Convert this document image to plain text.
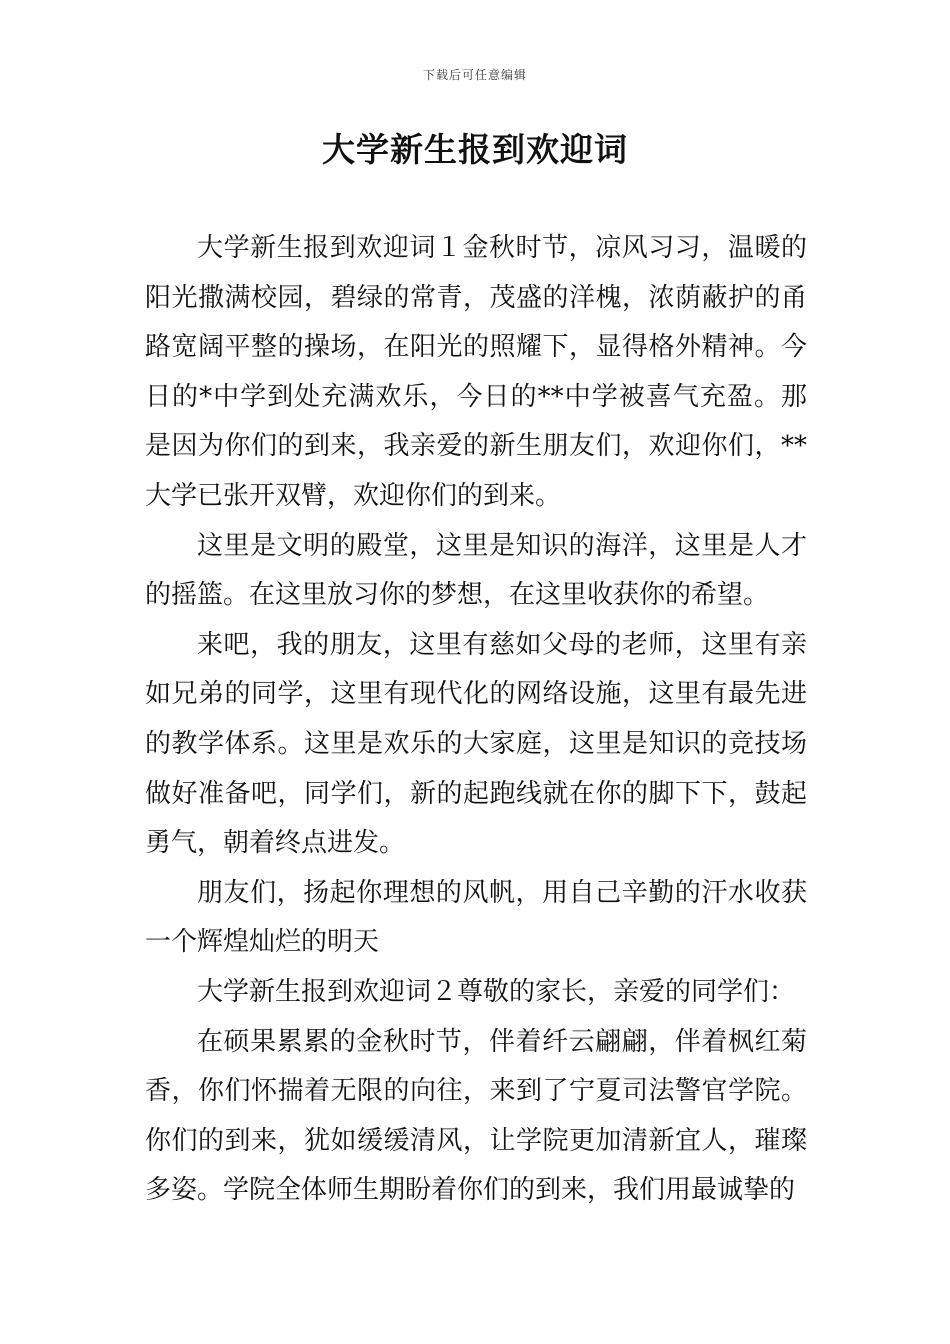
下载后可任意编辑
大学新生报到欢迎词

大学新生报到欢迎词１金秋时节，凉风习习，温暖的阳光撒满校园，碧绿的常青，茂盛的洋槐，浓荫蔽护的甬路宽阔平整的操场，在阳光的照耀下，显得格外精神。今日的*中学到处充满欢乐，今日的**中学被喜气充盈。那是因为你们的到来，我亲爱的新生朋友们，欢迎你们，**大学已张开双臂，欢迎你们的到来。

这里是文明的殿堂，这里是知识的海洋，这里是人才的摇篮。在这里放习你的梦想，在这里收获你的希望。

来吧，我的朋友，这里有慈如父母的老师，这里有亲如兄弟的同学，这里有现代化的网络设施，这里有最先进的教学体系。这里是欢乐的大家庭，这里是知识的竞技场做好准备吧，同学们，新的起跑线就在你的脚下下，鼓起勇气，朝着终点进发。

朋友们，扬起你理想的风帆，用自己辛勤的汗水收获一个辉煌灿烂的明天

大学新生报到欢迎词２尊敬的家长，亲爱的同学们：

在硕果累累的金秋时节，伴着纤云翩翩，伴着枫红菊香，你们怀揣着无限的向往，来到了宁夏司法警官学院。你们的到来，犹如缓缓清风，让学院更加清新宜人，璀璨多姿。学院全体师生期盼着你们的到来，我们用最诚挚的
